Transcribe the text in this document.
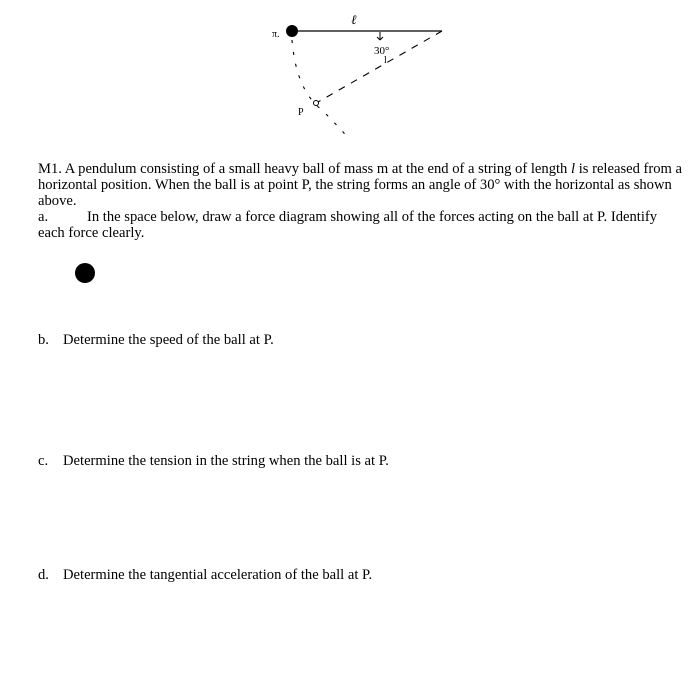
π.
ℓ
30°
l
P

M1. A pendulum consisting of a small heavy ball of mass m at the end of a string of length l is released from a horizontal position. When the ball is at point P, the string forms an angle of 30° with the horizontal as shown above.

a.	In the space below, draw a force diagram showing all of the forces acting on the ball at P. Identify each force clearly.

b. Determine the speed of the ball at P.
c. Determine the tension in the string when the ball is at P.
d. Determine the tangential acceleration of the ball at P.
